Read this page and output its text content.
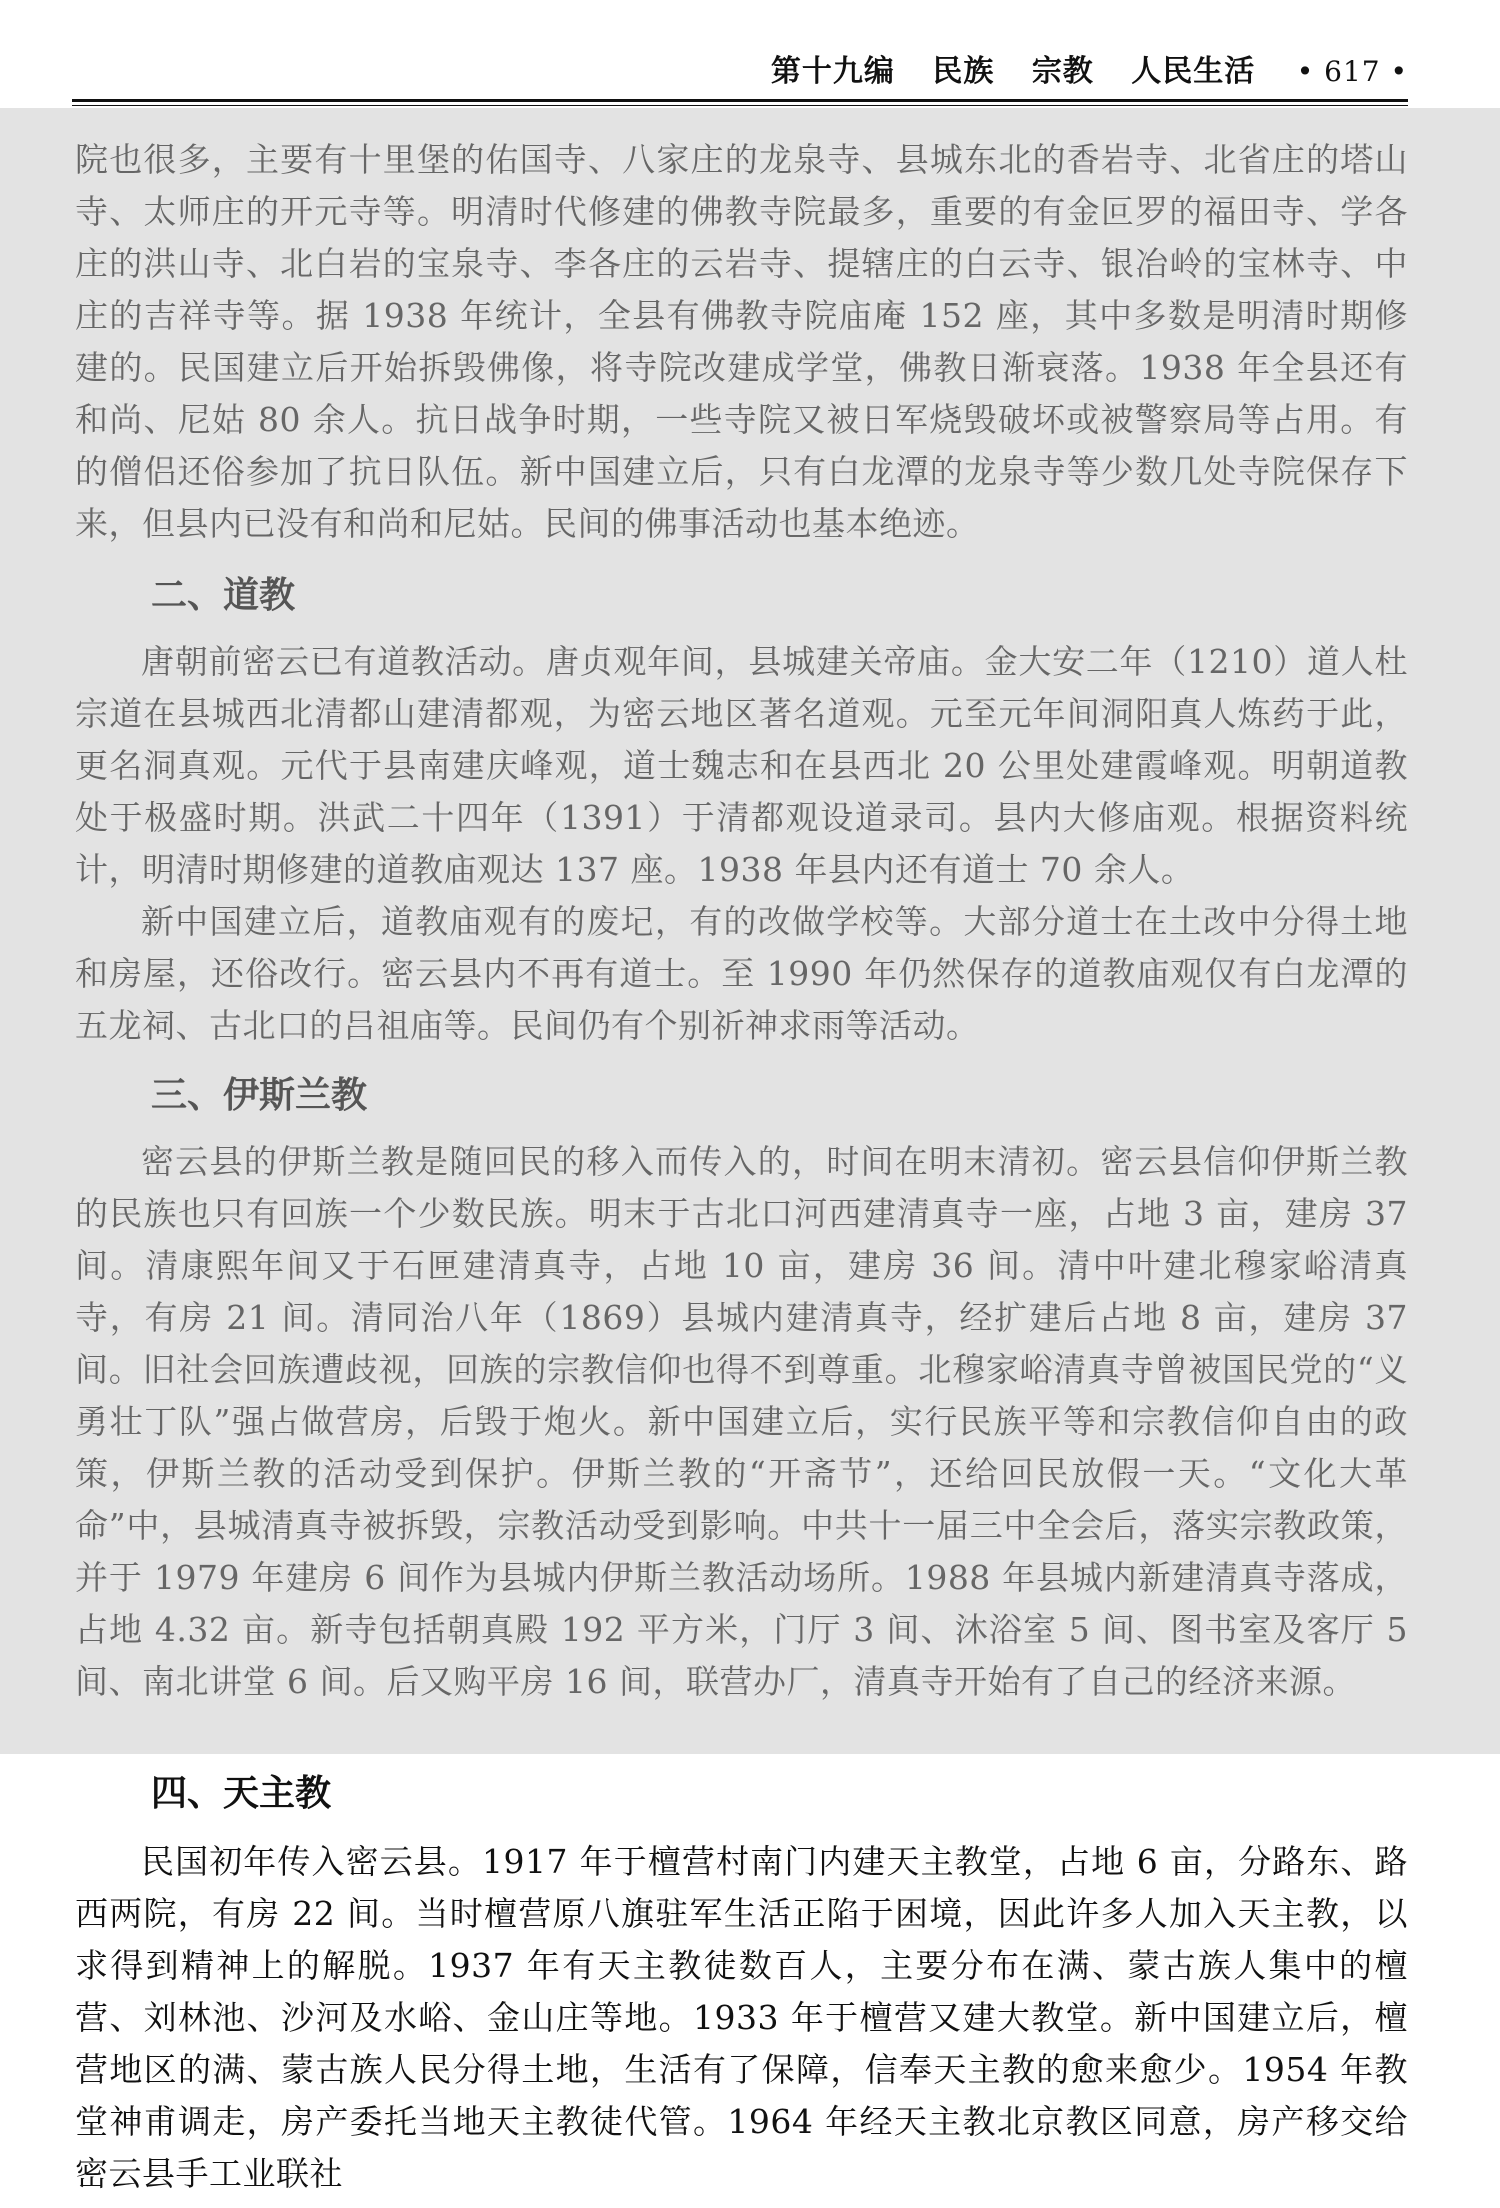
第十九编 民族 宗教 人民生活 • 617 •

院也很多，主要有十里堡的佑国寺、八家庄的龙泉寺、县城东北的香岩寺、北省庄的塔山寺、太师庄的开元寺等。明清时代修建的佛教寺院最多，重要的有金叵罗的福田寺、学各庄的洪山寺、北白岩的宝泉寺、李各庄的云岩寺、提辖庄的白云寺、银冶岭的宝林寺、中庄的吉祥寺等。据 1938 年统计，全县有佛教寺院庙庵 152 座，其中多数是明清时期修建的。民国建立后开始拆毁佛像，将寺院改建成学堂，佛教日渐衰落。1938 年全县还有和尚、尼姑 80 余人。抗日战争时期，一些寺院又被日军烧毁破坏或被警察局等占用。有的僧侣还俗参加了抗日队伍。新中国建立后，只有白龙潭的龙泉寺等少数几处寺院保存下来，但县内已没有和尚和尼姑。民间的佛事活动也基本绝迹。

二、道教

唐朝前密云已有道教活动。唐贞观年间，县城建关帝庙。金大安二年（1210）道人杜宗道在县城西北清都山建清都观，为密云地区著名道观。元至元年间洞阳真人炼药于此，更名洞真观。元代于县南建庆峰观，道士魏志和在县西北 20 公里处建霞峰观。明朝道教处于极盛时期。洪武二十四年（1391）于清都观设道录司。县内大修庙观。根据资料统计，明清时期修建的道教庙观达 137 座。1938 年县内还有道士 70 余人。

新中国建立后，道教庙观有的废圮，有的改做学校等。大部分道士在土改中分得土地和房屋，还俗改行。密云县内不再有道士。至 1990 年仍然保存的道教庙观仅有白龙潭的五龙祠、古北口的吕祖庙等。民间仍有个别祈神求雨等活动。

三、伊斯兰教

密云县的伊斯兰教是随回民的移入而传入的，时间在明末清初。密云县信仰伊斯兰教的民族也只有回族一个少数民族。明末于古北口河西建清真寺一座，占地 3 亩，建房 37 间。清康熙年间又于石匣建清真寺，占地 10 亩，建房 36 间。清中叶建北穆家峪清真寺，有房 21 间。清同治八年（1869）县城内建清真寺，经扩建后占地 8 亩，建房 37 间。旧社会回族遭歧视，回族的宗教信仰也得不到尊重。北穆家峪清真寺曾被国民党的“义勇壮丁队”强占做营房，后毁于炮火。新中国建立后，实行民族平等和宗教信仰自由的政策，伊斯兰教的活动受到保护。伊斯兰教的“开斋节”，还给回民放假一天。“文化大革命”中，县城清真寺被拆毁，宗教活动受到影响。中共十一届三中全会后，落实宗教政策，并于 1979 年建房 6 间作为县城内伊斯兰教活动场所。1988 年县城内新建清真寺落成，占地 4.32 亩。新寺包括朝真殿 192 平方米，门厅 3 间、沐浴室 5 间、图书室及客厅 5 间、南北讲堂 6 间。后又购平房 16 间，联营办厂，清真寺开始有了自己的经济来源。

四、天主教

民国初年传入密云县。1917 年于檀营村南门内建天主教堂，占地 6 亩，分路东、路西两院，有房 22 间。当时檀营原八旗驻军生活正陷于困境，因此许多人加入天主教，以求得到精神上的解脱。1937 年有天主教徒数百人，主要分布在满、蒙古族人集中的檀营、刘林池、沙河及水峪、金山庄等地。1933 年于檀营又建大教堂。新中国建立后，檀营地区的满、蒙古族人民分得土地，生活有了保障，信奉天主教的愈来愈少。1954 年教堂神甫调走，房产委托当地天主教徒代管。1964 年经天主教北京教区同意，房产移交给密云县手工业联社
